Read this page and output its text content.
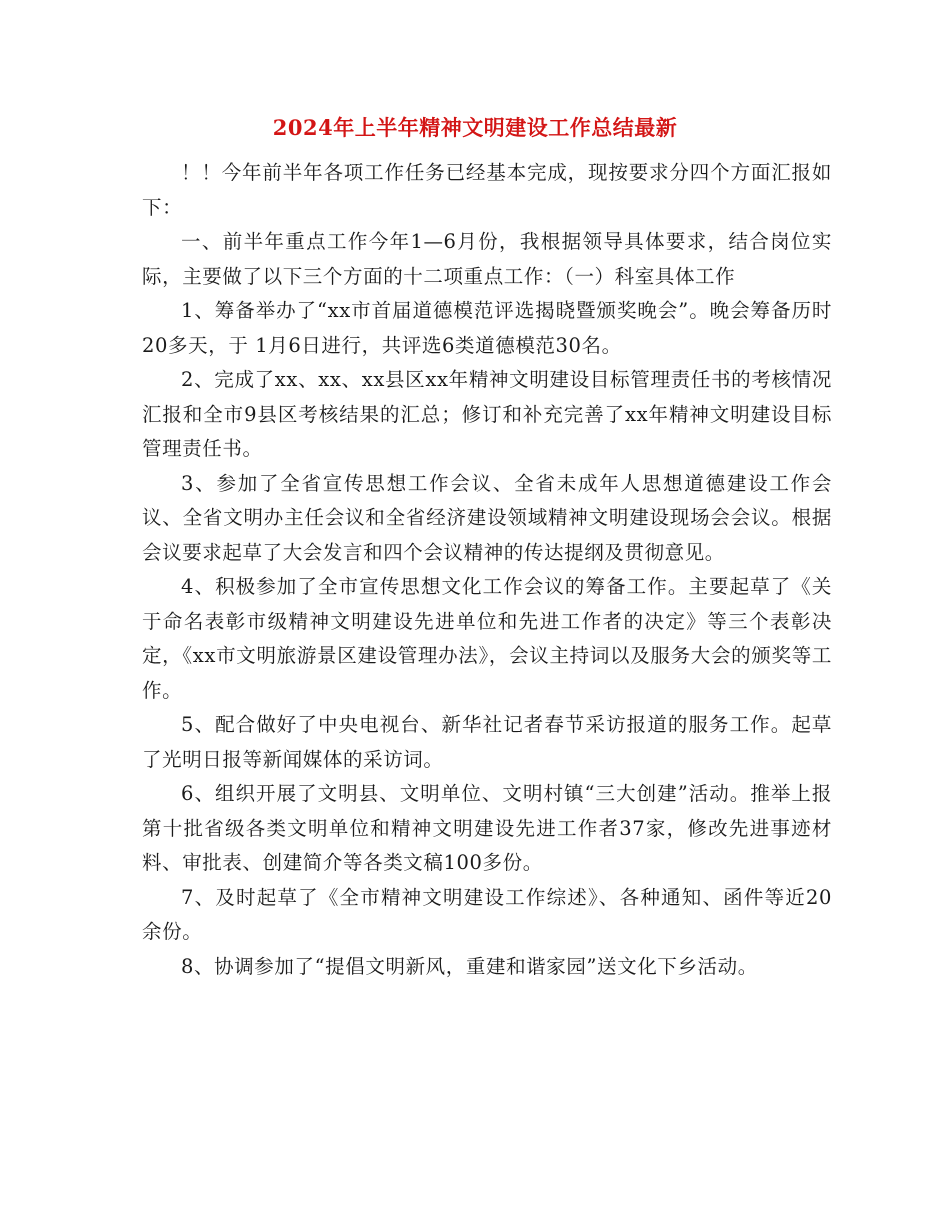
2024年上半年精神文明建设工作总结最新

！！今年前半年各项工作任务已经基本完成，现按要求分四个方面汇报如下：

一、前半年重点工作今年1—6月份，我根据领导具体要求，结合岗位实际，主要做了以下三个方面的十二项重点工作：（一）科室具体工作

1、筹备举办了“xx市首届道德模范评选揭晓暨颁奖晚会”。晚会筹备历时20多天，于 1月6日进行，共评选6类道德模范30名。

2、完成了xx、xx、xx县区xx年精神文明建设目标管理责任书的考核情况汇报和全市9县区考核结果的汇总；修订和补充完善了xx年精神文明建设目标管理责任书。

3、参加了全省宣传思想工作会议、全省未成年人思想道德建设工作会议、全省文明办主任会议和全省经济建设领域精神文明建设现场会会议。根据会议要求起草了大会发言和四个会议精神的传达提纲及贯彻意见。

4、积极参加了全市宣传思想文化工作会议的筹备工作。主要起草了《关于命名表彰市级精神文明建设先进单位和先进工作者的决定》等三个表彰决定，《xx市文明旅游景区建设管理办法》，会议主持词以及服务大会的颁奖等工作。

5、配合做好了中央电视台、新华社记者春节采访报道的服务工作。起草了光明日报等新闻媒体的采访词。

6、组织开展了文明县、文明单位、文明村镇“三大创建”活动。推举上报第十批省级各类文明单位和精神文明建设先进工作者37家，修改先进事迹材料、审批表、创建简介等各类文稿100多份。

7、及时起草了《全市精神文明建设工作综述》、各种通知、函件等近20余份。

8、协调参加了“提倡文明新风，重建和谐家园”送文化下乡活动。
